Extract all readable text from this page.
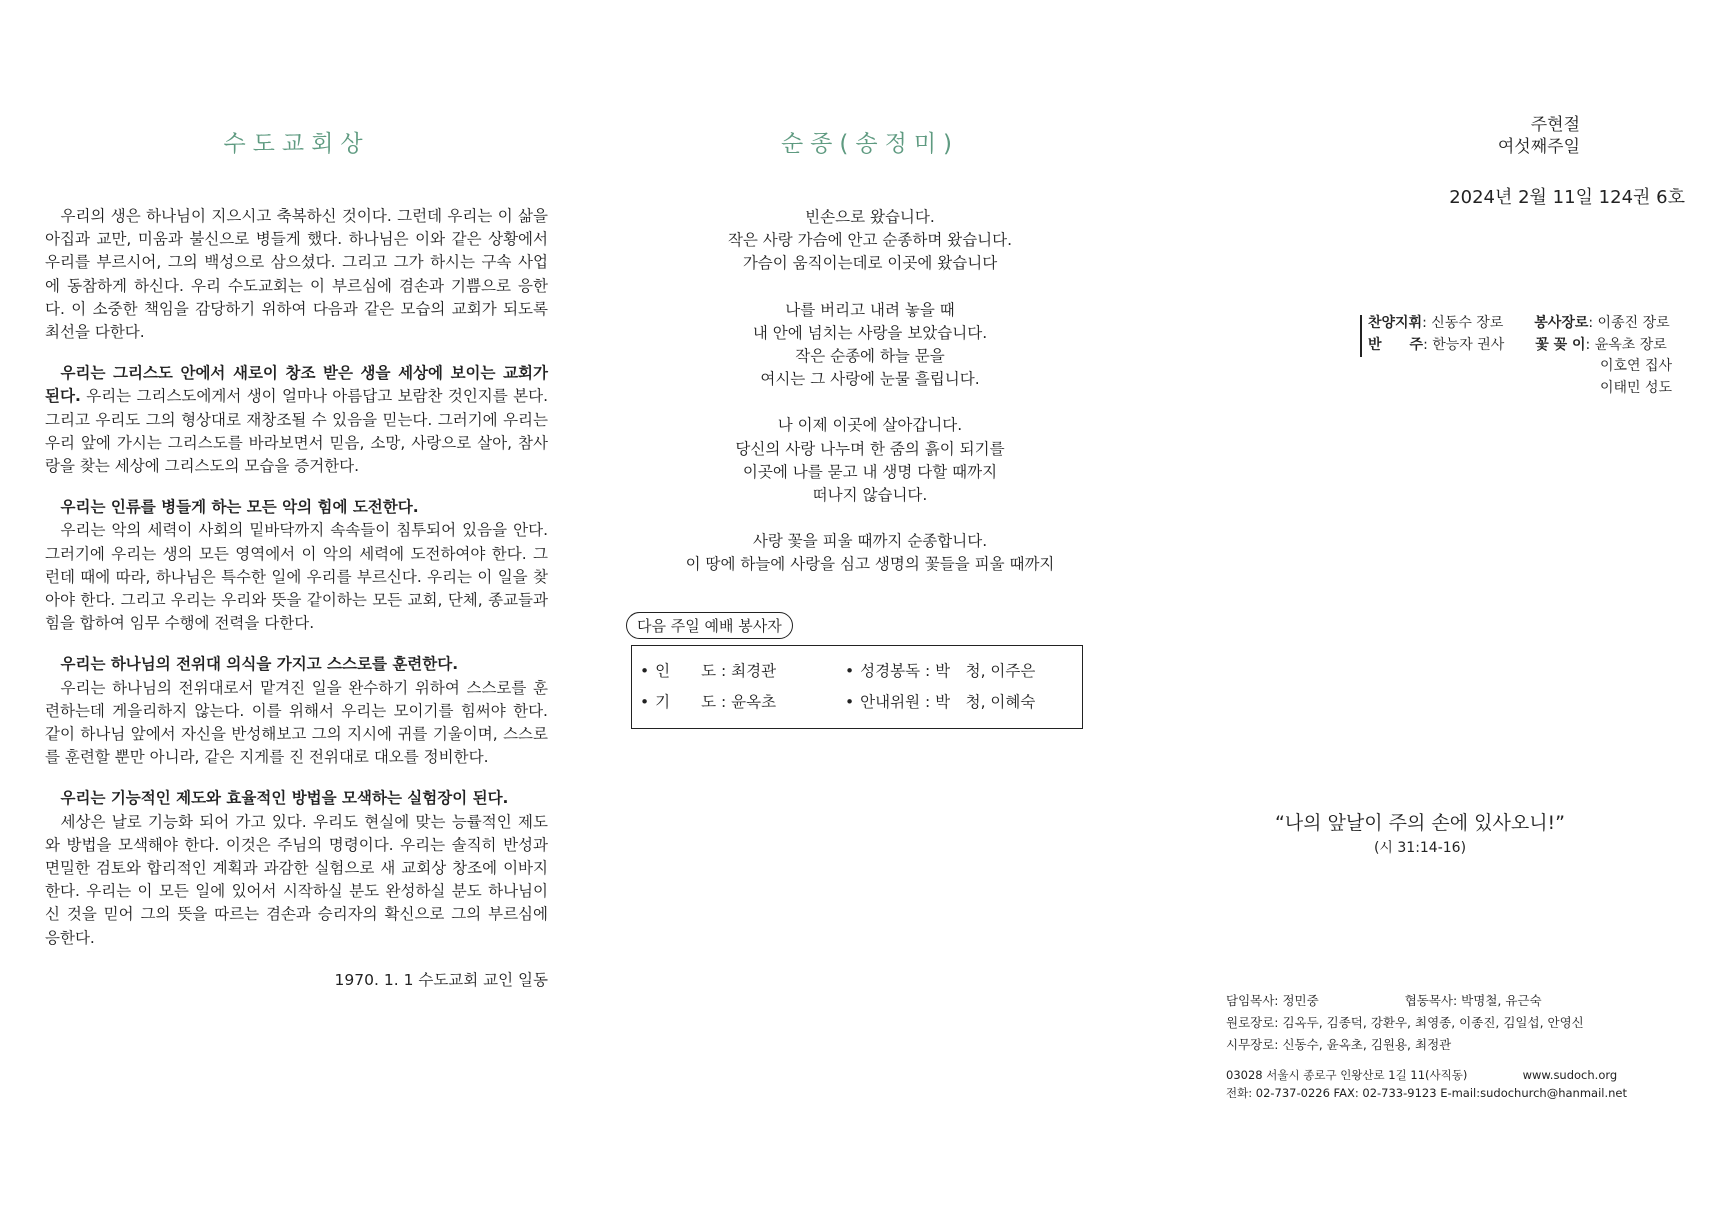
수도교회상

우리의 생은 하나님이 지으시고 축복하신 것이다. 그런데 우리는 이 삶을 아집과 교만, 미움과 불신으로 병들게 했다. 하나님은 이와 같은 상황에서 우리를 부르시어, 그의 백성으로 삼으셨다. 그리고 그가 하시는 구속 사업에 동참하게 하신다. 우리 수도교회는 이 부르심에 겸손과 기쁨으로 응한다. 이 소중한 책임을 감당하기 위하여 다음과 같은 모습의 교회가 되도록 최선을 다한다.

우리는 그리스도 안에서 새로이 창조 받은 생을 세상에 보이는 교회가 된다. 우리는 그리스도에게서 생이 얼마나 아름답고 보람찬 것인지를 본다. 그리고 우리도 그의 형상대로 재창조될 수 있음을 믿는다. 그러기에 우리는 우리 앞에 가시는 그리스도를 바라보면서 믿음, 소망, 사랑으로 살아, 참사랑을 찾는 세상에 그리스도의 모습을 증거한다.

우리는 인류를 병들게 하는 모든 악의 힘에 도전한다.
우리는 악의 세력이 사회의 밑바닥까지 속속들이 침투되어 있음을 안다. 그러기에 우리는 생의 모든 영역에서 이 악의 세력에 도전하여야 한다. 그런데 때에 따라, 하나님은 특수한 일에 우리를 부르신다. 우리는 이 일을 찾아야 한다. 그리고 우리는 우리와 뜻을 같이하는 모든 교회, 단체, 종교들과 힘을 합하여 임무 수행에 전력을 다한다.

우리는 하나님의 전위대 의식을 가지고 스스로를 훈련한다.
우리는 하나님의 전위대로서 맡겨진 일을 완수하기 위하여 스스로를 훈련하는데 게을리하지 않는다. 이를 위해서 우리는 모이기를 힘써야 한다. 같이 하나님 앞에서 자신을 반성해보고 그의 지시에 귀를 기울이며, 스스로를 훈련할 뿐만 아니라, 같은 지게를 진 전위대로 대오를 정비한다.

우리는 기능적인 제도와 효율적인 방법을 모색하는 실험장이 된다.
세상은 날로 기능화 되어 가고 있다. 우리도 현실에 맞는 능률적인 제도와 방법을 모색해야 한다. 이것은 주님의 명령이다. 우리는 솔직히 반성과 면밀한 검토와 합리적인 계획과 과감한 실험으로 새 교회상 창조에 이바지한다. 우리는 이 모든 일에 있어서 시작하실 분도 완성하실 분도 하나님이신 것을 믿어 그의 뜻을 따르는 겸손과 승리자의 확신으로 그의 부르심에 응한다.

1970. 1. 1 수도교회 교인 일동
순종(송정미)
빈손으로 왔습니다.
작은 사랑 가슴에 안고 순종하며 왔습니다.
가슴이 움직이는데로 이곳에 왔습니다
나를 버리고 내려 놓을 때
내 안에 넘치는 사랑을 보았습니다.
작은 순종에 하늘 문을
여시는 그 사랑에 눈물 흘립니다.
나 이제 이곳에 살아갑니다.
당신의 사랑 나누며 한 줌의 흙이 되기를
이곳에 나를 묻고 내 생명 다할 때까지
떠나지 않습니다.
사랑 꽃을 피울 때까지 순종합니다.
이 땅에 하늘에 사랑을 심고 생명의 꽃들을 피울 때까지
다음 주일 예배 봉사자
• 인　　도 : 최경관	• 성경봉독 : 박　청, 이주은
• 기　　도 : 윤옥초	• 안내위원 : 박　청, 이혜숙
주현절
여섯째주일
2024년 2월 11일 124권 6호
찬양지휘: 신동수 장로 봉사장로: 이종진 장로
반　　주: 한능자 권사 꽃 꽂 이: 윤옥초 장로
이호연 집사
이태민 성도
“나의 앞날이 주의 손에 있사오니!”
(시 31:14-16)
담임목사: 정민중	협동목사: 박명철, 유근숙
원로장로: 김옥두, 김종덕, 강환우, 최영종, 이종진, 김일섭, 안영신
시무장로: 신동수, 윤옥초, 김원용, 최정관
03028 서울시 종로구 인왕산로 1길 11(사직동)	www.sudoch.org
전화: 02-737-0226 FAX: 02-733-9123 E-mail:sudochurch@hanmail.net
